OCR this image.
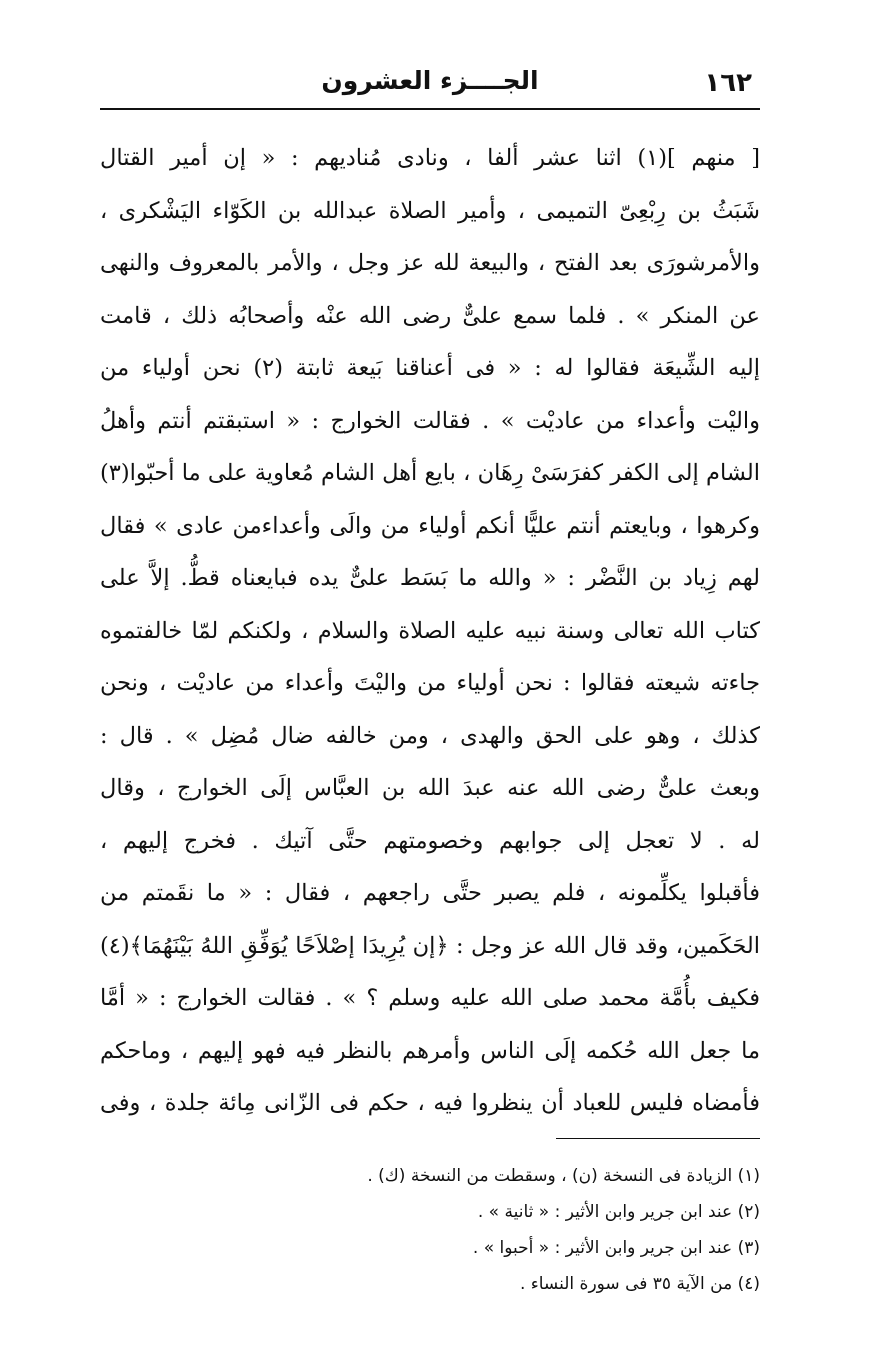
١٦٢
الجــــزء العشرون
[ منهم ](١) اثنا عشر ألفا ، ونادى مُناديهم : « إن أمير القتال
شَبَثُ بن رِبْعِىّ التميمى ، وأمير الصلاة عبدالله بن الكَوّاء اليَشْكرى ،
والأمرشورَى بعد الفتح ، والبيعة لله عز وجل ، والأمر بالمعروف والنهى
عن المنكر » . فلما سمع علىٌّ رضى الله عنْه وأصحابُه ذلك ، قامت
إليه الشِّيعَة فقالوا له : « فى أعناقنا بَيعة ثابتة (٢) نحن أولياء من
واليْت وأعداء من عاديْت » . فقالت الخوارج : « استبقتم أنتم وأهلُ
الشام إلى الكفر كفرَسَىْ رِهَان ، بايع أهل الشام مُعاوية على ما أحبّوا(٣)
وكرهوا ، وبايعتم أنتم عليًّا أنكم أولياء من والَى وأعداءمن عادى » فقال
لهم زِياد بن النَّضْر : « والله ما بَسَط علىٌّ يده فبايعناه قطُّ. إلاَّ على
كتاب الله تعالى وسنة نبيه عليه الصلاة والسلام ، ولكنكم لمّا خالفتموه
جاءته شيعته فقالوا : نحن أولياء من واليْتَ وأعداء من عاديْت ، ونحن
كذلك ، وهو على الحق والهدى ، ومن خالفه ضال مُضِل » . قال :
وبعث علىٌّ رضى الله عنه عبدَ الله بن العبَّاس إلَى الخوارج ، وقال
له . لا تعجل إلى جوابهم وخصومتهم حتَّى آتيك . فخرج إليهم ،
فأقبلوا يكلِّمونه ، فلم يصبر حتَّى راجعهم ، فقال : « ما نقَمتم من
الحَكَمين، وقد قال الله عز وجل : ﴿إن يُرِيدَا إصْلاَحًا يُوَفِّقِ اللهُ بَيْنَهُمَا﴾(٤)
فكيف بأُمَّة محمد صلى الله عليه وسلم ؟ » . فقالت الخوارج : « أمَّا
ما جعل الله حُكمه إلَى الناس وأمرهم بالنظر فيه فهو إليهم ، وماحكم
فأمضاه فليس للعباد أن ينظروا فيه ، حكم فى الزّانى مِائة جلدة ، وفى
(١) الزيادة فى النسخة (ن) ، وسقطت من النسخة (ك) .
(٢) عند ابن جرير وابن الأثير : « ثانية » .
(٣) عند ابن جرير وابن الأثير : « أحبوا » .
(٤) من الآية ٣٥ فى سورة النساء .
